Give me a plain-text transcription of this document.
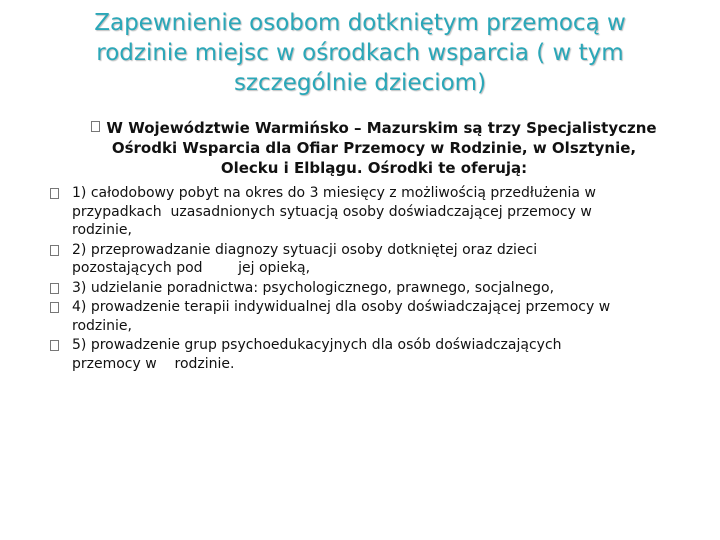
Zapewnienie osobom dotkniętym przemocą w
rodzinie miejsc w ośrodkach wsparcia ( w tym
szczególnie dzieciom)
W Województwie Warmińsko – Mazurskim są trzy Specjalistyczne
Ośrodki Wsparcia dla Ofiar Przemocy w Rodzinie, w Olsztynie,
Olecku i Elblągu. Ośrodki te oferują:
1) całodobowy pobyt na okres do 3 miesięcy z możliwością przedłużenia w
przypadkach  uzasadnionych sytuacją osoby doświadczającej przemocy w
rodzinie,
2) przeprowadzanie diagnozy sytuacji osoby dotkniętej oraz dzieci
pozostających pod        jej opieką,
3) udzielanie poradnictwa: psychologicznego, prawnego, socjalnego,
4) prowadzenie terapii indywidualnej dla osoby doświadczającej przemocy w
rodzinie,
5) prowadzenie grup psychoedukacyjnych dla osób doświadczających
przemocy w    rodzinie.
